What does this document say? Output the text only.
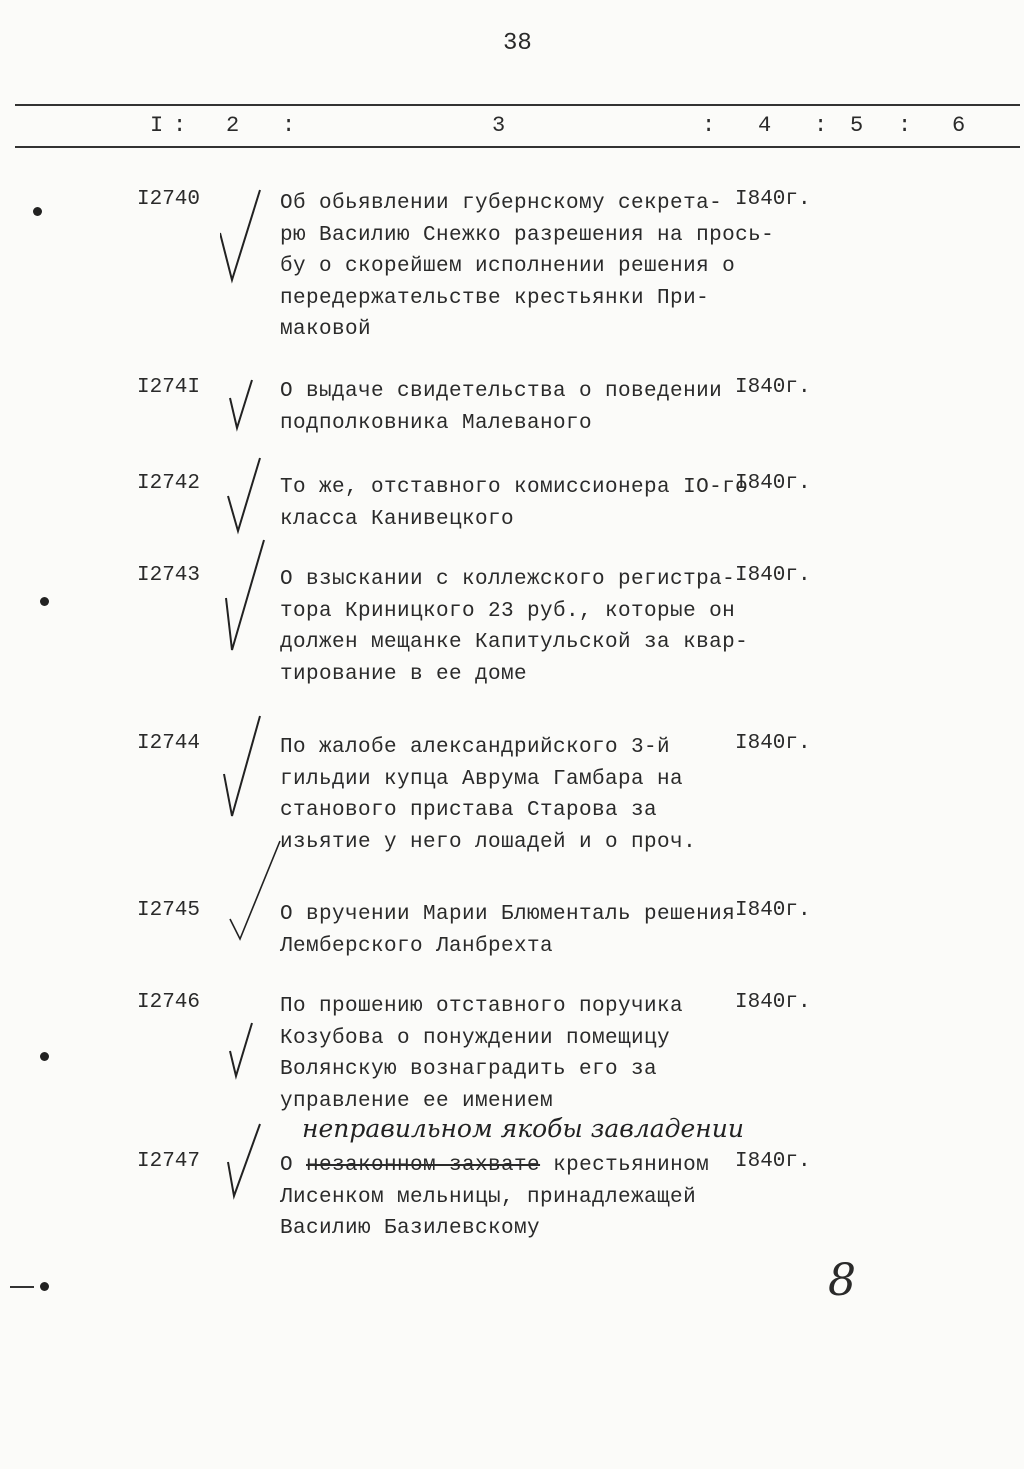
38
I : 2 :	3	: 4 : 5 : 6
I2740	Об обьявлении губернскому секрета-
рю Василию Снежко разрешения на прось-
бу о скорейшем исполнении решения о
передержательстве крестьянки При-
маковой
I840г.
I274I	О выдаче свидетельства о поведении
подполковника Малеваного
I840г.
I2742	То же, отставного комиссионера IO-го
класса Канивецкого
I840г.
I2743	О взыскании с коллежского регистра-
тора Криницкого 23 руб., которые он
должен мещанке Капитульской за квар-
тирование в ее доме
I840г.
I2744	По жалобе александрийского 3-й
гильдии купца Аврума Гамбара на
станового пристава Старова за
изьятие у него лошадей и о проч.
I840г.
I2745	О вручении Марии Блюменталь решения
Лемберского Ланбрехта
I840г.
I2746	По прошению отставного поручика
Козубова о понуждении помещицу
Волянскую вознаградить его за
управление ее имением
I840г.
I2747
неправильном якобы завладении
О незаконном захвате крестьянином
Лисенком мельницы, принадлежащей
Василию Базилевскому
I840г.
8
